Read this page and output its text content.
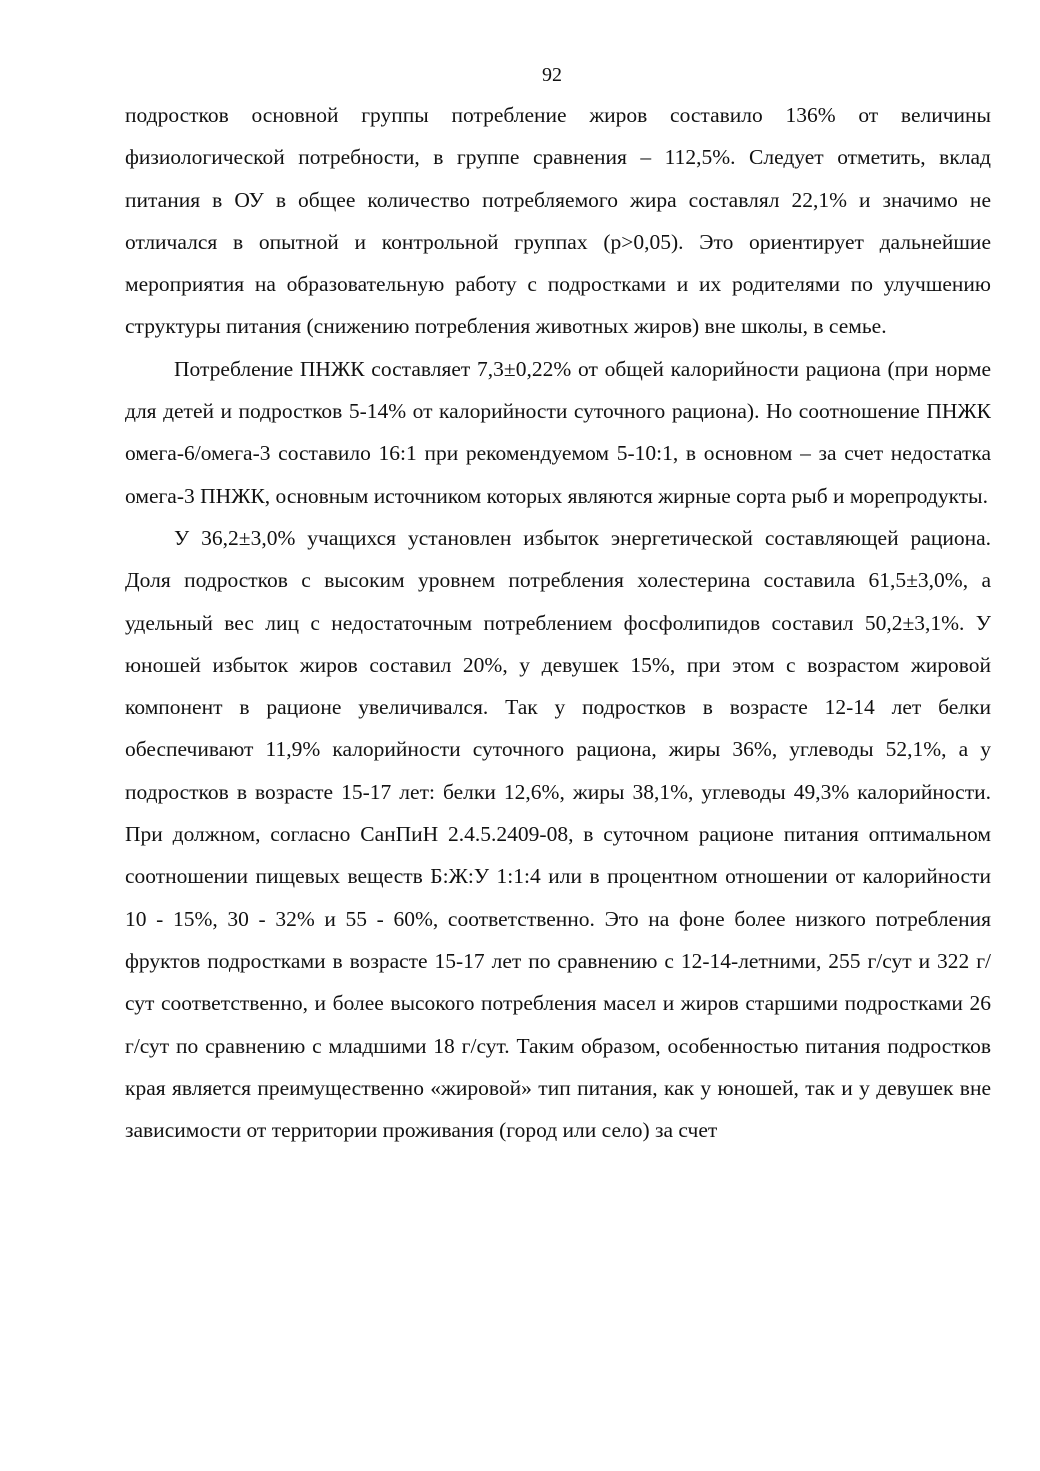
92

подростков основной группы потребление жиров составило 136% от величины физиологической потребности, в группе сравнения – 112,5%. Следует отметить, вклад питания в ОУ в общее количество потребляемого жира составлял 22,1% и значимо не отличался в опытной и контрольной группах (р>0,05). Это ориентирует дальнейшие мероприятия на образовательную работу с подростками и их родителями по улучшению структуры питания (снижению потребления животных жиров) вне школы, в семье.

Потребление ПНЖК составляет 7,3±0,22% от общей калорийности рациона (при норме для детей и подростков 5-14% от калорийности суточного рациона). Но соотношение ПНЖК омега-6/омега-3 составило 16:1 при рекомендуемом 5-10:1, в основном – за счет недостатка омега-3 ПНЖК, основным источником которых являются жирные сорта рыб и морепродукты.

У 36,2±3,0% учащихся установлен избыток энергетической составляющей рациона. Доля подростков с высоким уровнем потребления холестерина составила 61,5±3,0%, а удельный вес лиц с недостаточным потреблением фосфолипидов составил 50,2±3,1%. У юношей избыток жиров составил 20%, у девушек 15%, при этом с возрастом жировой компонент в рационе увеличивался. Так у подростков в возрасте 12-14 лет белки обеспечивают 11,9% калорийности суточного рациона, жиры 36%, углеводы 52,1%, а у подростков в возрасте 15-17 лет: белки 12,6%, жиры 38,1%, углеводы 49,3% калорийности. При должном, согласно СанПиН 2.4.5.2409-08, в суточном рационе питания оптимальном соотношении пищевых веществ Б:Ж:У 1:1:4 или в процентном отношении от калорийности 10 - 15%, 30 - 32% и 55 - 60%, соответственно. Это на фоне более низкого потребления фруктов подростками в возрасте 15-17 лет по сравнению с 12-14-летними, 255 г/сут и 322 г/сут соответственно, и более высокого потребления масел и жиров старшими подростками 26 г/сут по сравнению с младшими 18 г/сут. Таким образом, особенностью питания подростков края является преимущественно «жировой» тип питания, как у юношей, так и у девушек вне зависимости от территории проживания (город или село) за счет
